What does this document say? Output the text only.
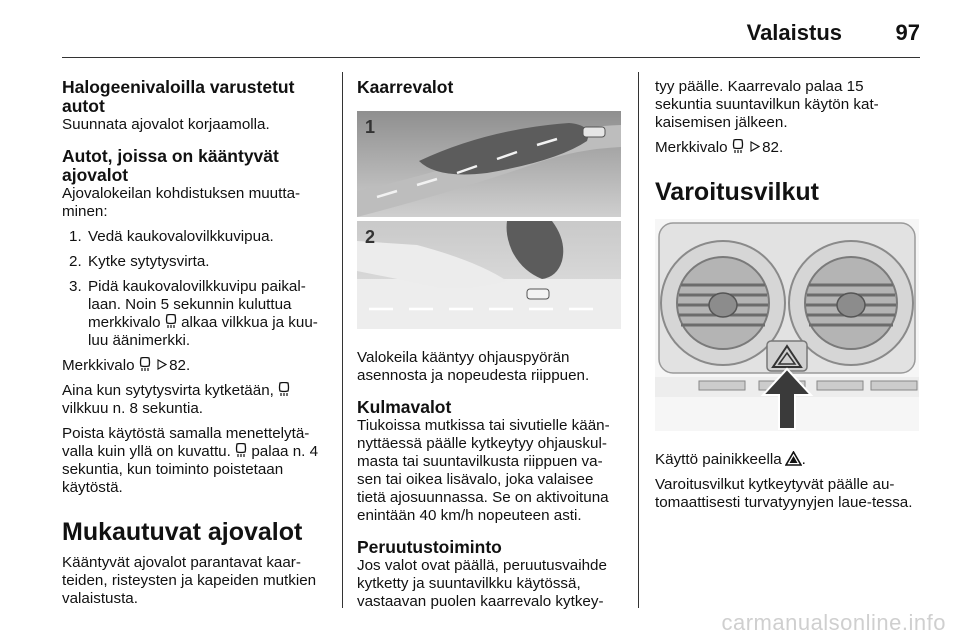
Valaistus 97
Halogeenivaloilla varustetut autot

Suunnata ajovalot korjaamolla.

Autot, joissa on kääntyvät ajovalot

Ajovalokeilan kohdistuksen muutta-minen:

1. Vedä kaukovalovilkkuvipua.
2. Kytke sytytysvirta.
3. Pidä kaukovalovilkkuvipu paikal-laan. Noin 5 sekunnin kuluttua merkkivalo alkaa vilkkua ja kuu-luu äänimerkki.

Merkkivalo
82.

Aina kun sytytysvirta kytketään,
vilkkuu n. 8 sekuntia.

Poista käytöstä samalla menettelytä-valla kuin yllä on kuvattu. palaa n. 4 sekuntia, kun toiminto poistetaan käytöstä.

Mukautuvat ajovalot

Kääntyvät ajovalot parantavat kaar-teiden, risteysten ja kapeiden mutkien valaistusta.

Kaarrevalot
1
2

Valokeila kääntyy ohjauspyörän asennosta ja nopeudesta riippuen.

Kulmavalot

Tiukoissa mutkissa tai sivutielle kään-nyttäessä päälle kytkeytyy ohjauskul-masta tai suuntavilkusta riippuen va-sen tai oikea lisävalo, joka valaisee tietä ajosuunnassa. Se on aktivoituna enintään 40 km/h nopeuteen asti.

Peruutustoiminto

Jos valot ovat päällä, peruutusvaihde kytketty ja suuntavilkku käytössä, vastaavan puolen kaarrevalo kytkey-

tyy päälle. Kaarrevalo palaa 15 sekuntia suuntavilkun käytön kat-kaisemisen jälkeen.

Merkkivalo
82.

Varoitusvilkut

Käyttö painikkeella .

Varoitusvilkut kytkeytyvät päälle au-tomaattisesti turvatyynyjen laue-tessa.

carmanualsonline.info
